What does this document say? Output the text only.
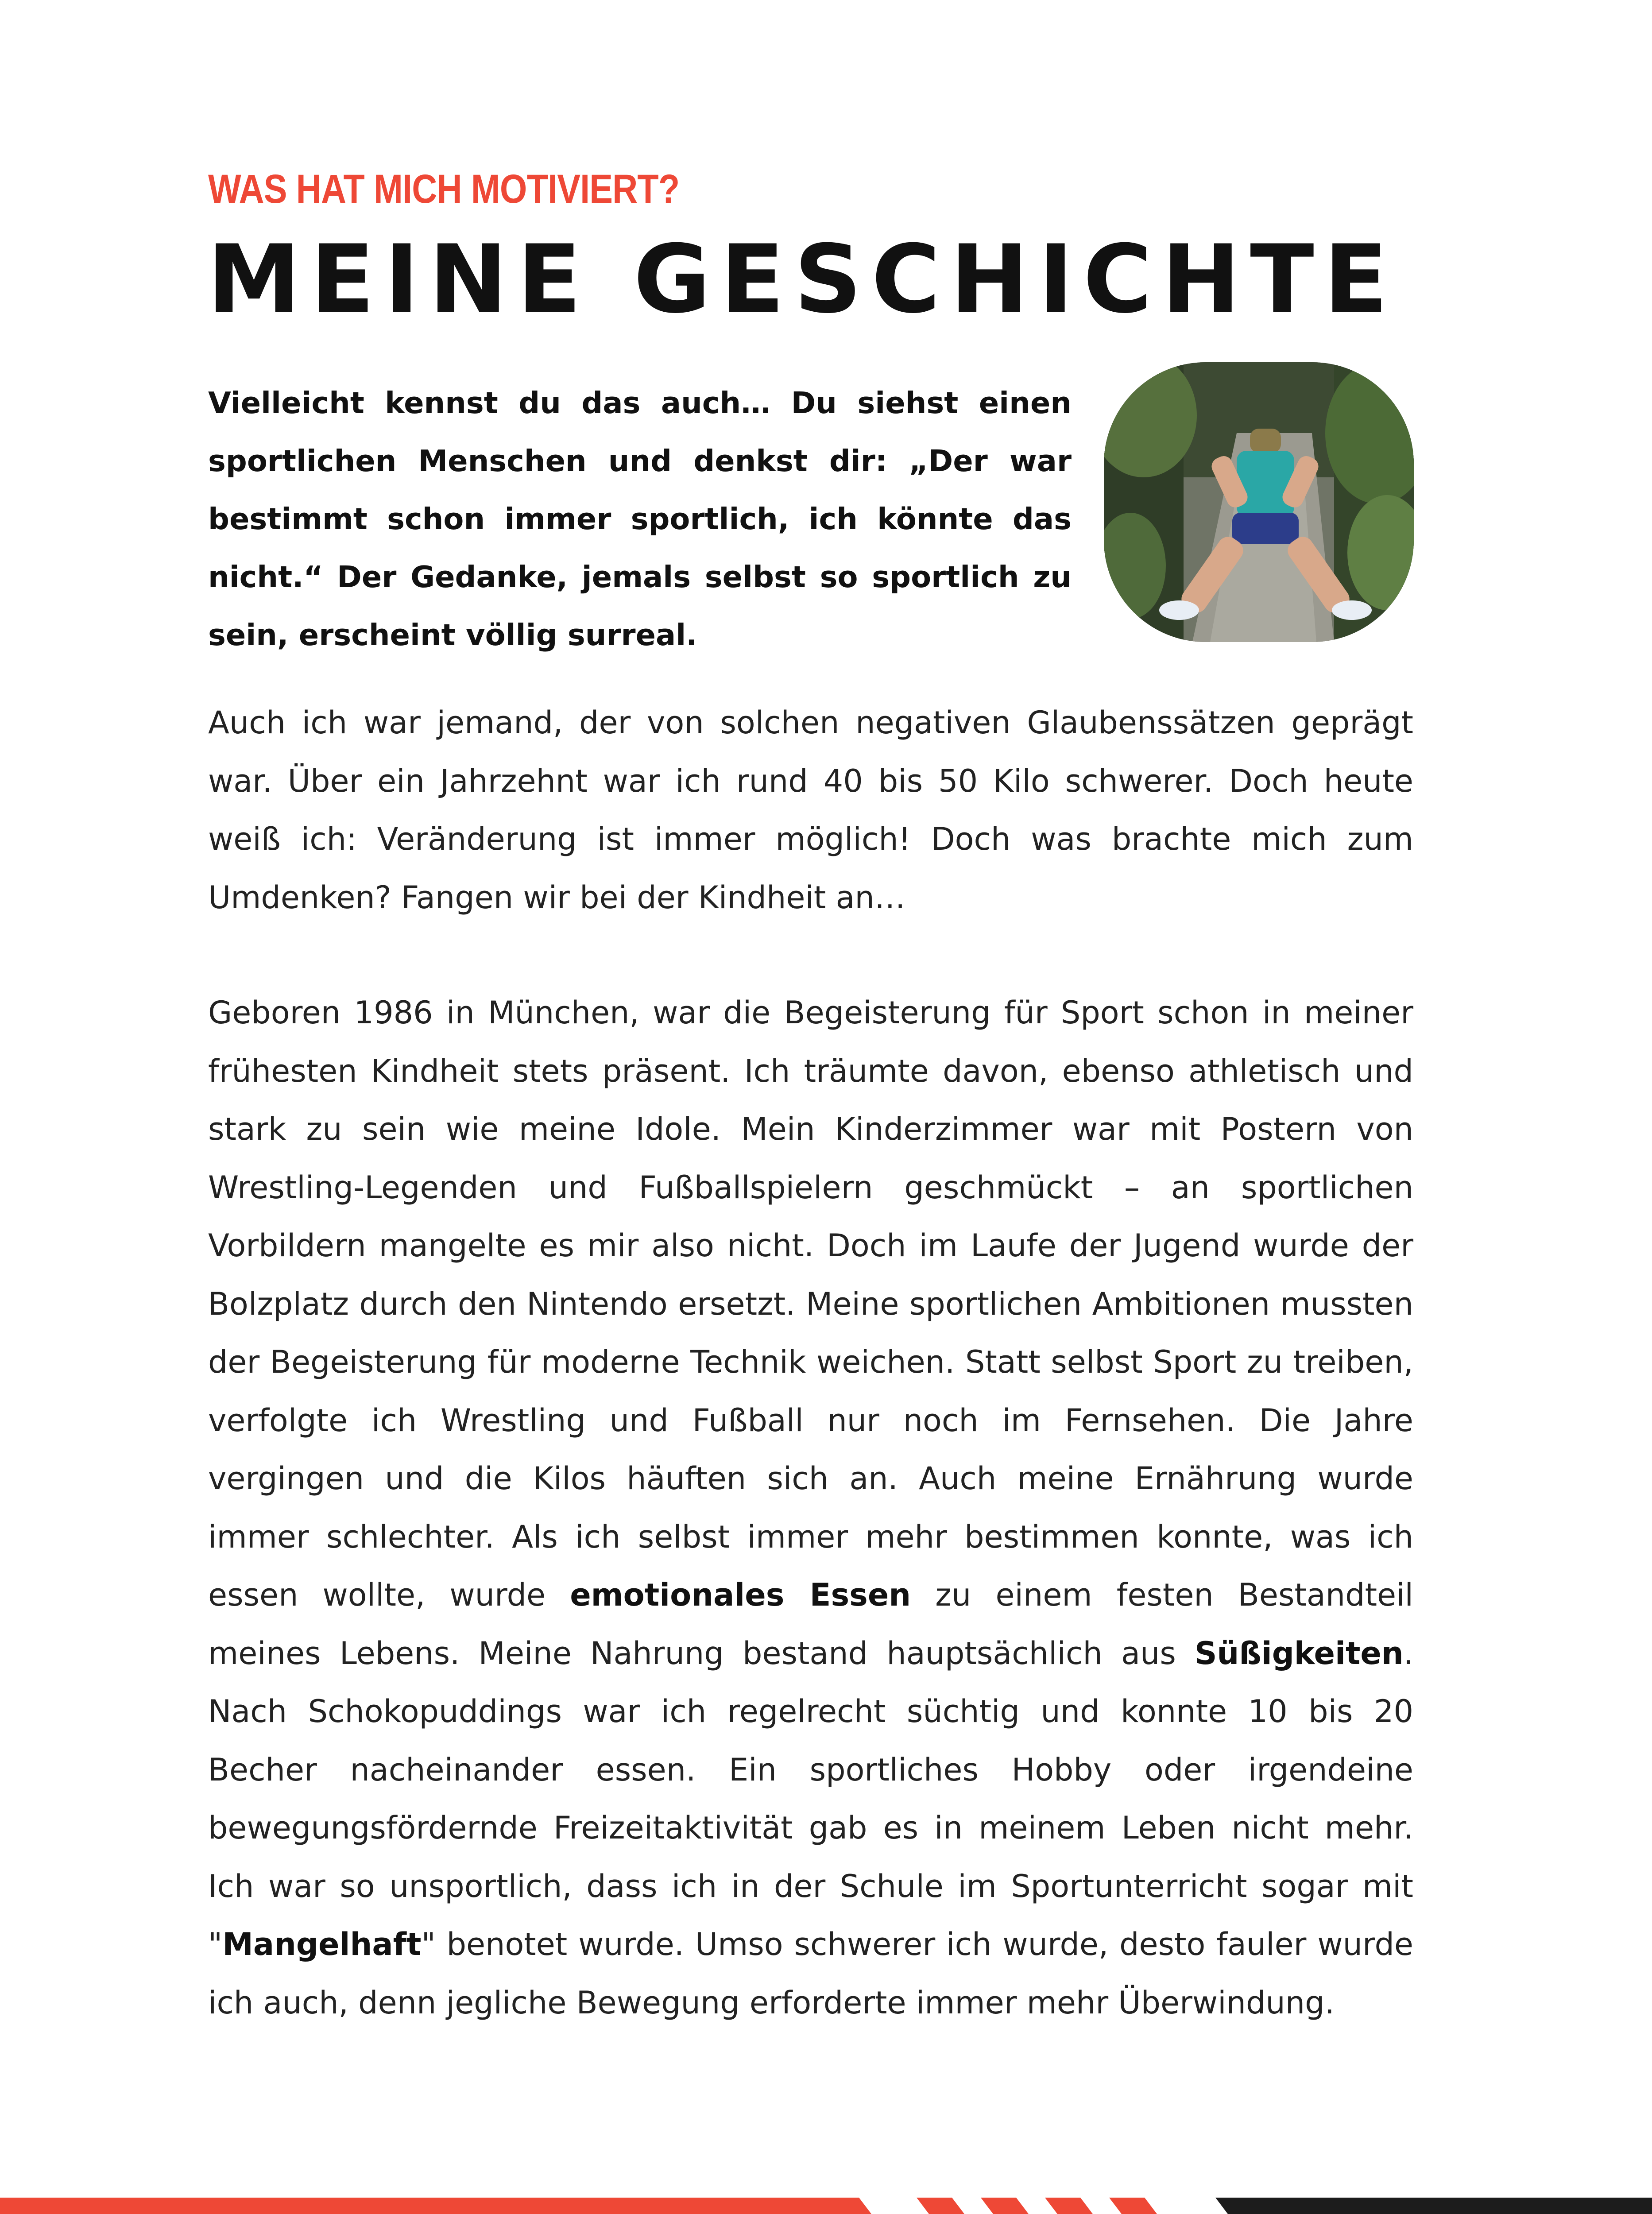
WAS HAT MICH MOTIVIERT?
MEINE GESCHICHTE

Vielleicht kennst du das auch… Du siehst einen sportlichen Menschen und denkst dir: „Der war bestimmt schon immer sportlich, ich könnte das nicht.“ Der Gedanke, jemals selbst so sportlich zu sein, erscheint völlig surreal.

Auch ich war jemand, der von solchen negativen Glaubenssätzen geprägt war. Über ein Jahrzehnt war ich rund 40 bis 50 Kilo schwerer. Doch heute weiß ich: Veränderung ist immer möglich! Doch was brachte mich zum Umdenken? Fangen wir bei der Kindheit an…

Geboren 1986 in München, war die Begeisterung für Sport schon in meiner frühesten Kindheit stets präsent. Ich träumte davon, ebenso athletisch und stark zu sein wie meine Idole. Mein Kinderzimmer war mit Postern von Wrestling-Legenden und Fußballspielern geschmückt – an sportlichen Vorbildern mangelte es mir also nicht. Doch im Laufe der Jugend wurde der Bolzplatz durch den Nintendo ersetzt. Meine sportlichen Ambitionen mussten der Begeisterung für moderne Technik weichen. Statt selbst Sport zu treiben, verfolgte ich Wrestling und Fußball nur noch im Fernsehen. Die Jahre vergingen und die Kilos häuften sich an. Auch meine Ernährung wurde immer schlechter. Als ich selbst immer mehr bestimmen konnte, was ich essen wollte, wurde emotionales Essen zu einem festen Bestandteil meines Lebens. Meine Nahrung bestand hauptsächlich aus Süßigkeiten. Nach Schokopuddings war ich regelrecht süchtig und konnte 10 bis 20 Becher nacheinander essen. Ein sportliches Hobby oder irgendeine bewegungsfördernde Freizeitaktivität gab es in meinem Leben nicht mehr. Ich war so unsportlich, dass ich in der Schule im Sportunterricht sogar mit "Mangelhaft" benotet wurde. Umso schwerer ich wurde, desto fauler wurde ich auch, denn jegliche Bewegung erforderte immer mehr Überwindung.
